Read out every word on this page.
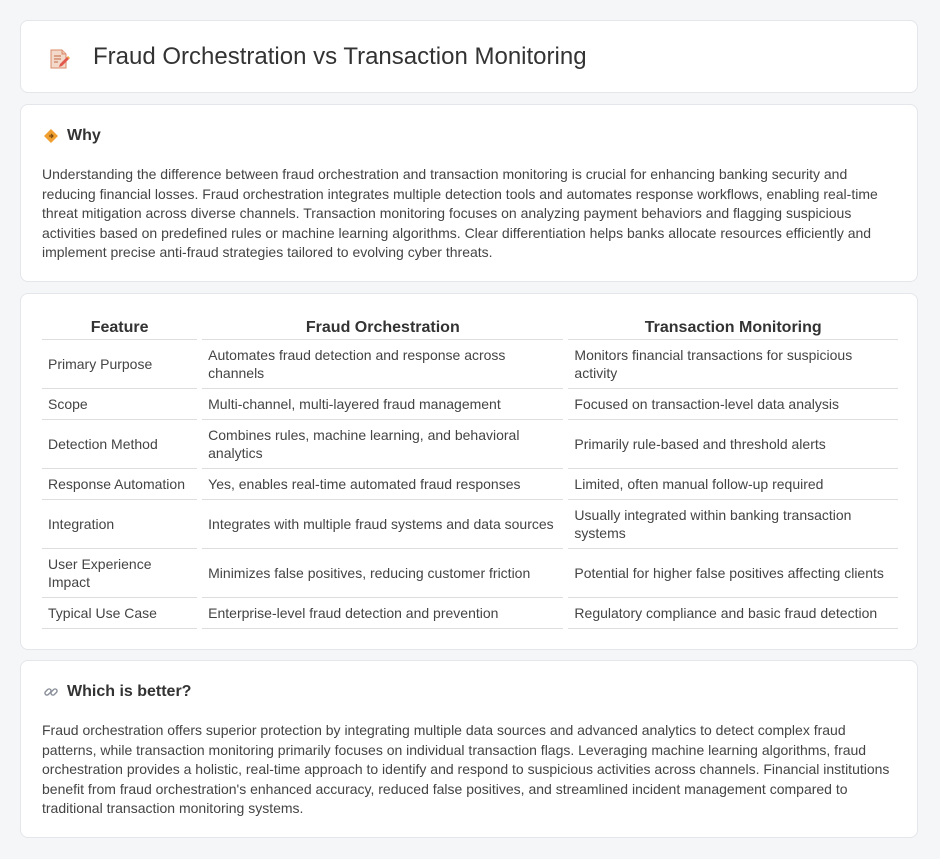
Fraud Orchestration vs Transaction Monitoring
Why

Understanding the difference between fraud orchestration and transaction monitoring is crucial for enhancing banking security and reducing financial losses. Fraud orchestration integrates multiple detection tools and automates response workflows, enabling real-time threat mitigation across diverse channels. Transaction monitoring focuses on analyzing payment behaviors and flagging suspicious activities based on predefined rules or machine learning algorithms. Clear differentiation helps banks allocate resources efficiently and implement precise anti-fraud strategies tailored to evolving cyber threats.

Feature		Fraud Orchestration		Transaction Monitoring
Primary Purpose		Automates fraud detection and response across channels		Monitors financial transactions for suspicious activity
Scope		Multi-channel, multi-layered fraud management		Focused on transaction-level data analysis
Detection Method		Combines rules, machine learning, and behavioral analytics		Primarily rule-based and threshold alerts
Response Automation		Yes, enables real-time automated fraud responses		Limited, often manual follow-up required
Integration		Integrates with multiple fraud systems and data sources		Usually integrated within banking transaction systems
User Experience Impact		Minimizes false positives, reducing customer friction		Potential for higher false positives affecting clients
Typical Use Case		Enterprise-level fraud detection and prevention		Regulatory compliance and basic fraud detection
Which is better?

Fraud orchestration offers superior protection by integrating multiple data sources and advanced analytics to detect complex fraud patterns, while transaction monitoring primarily focuses on individual transaction flags. Leveraging machine learning algorithms, fraud orchestration provides a holistic, real-time approach to identify and respond to suspicious activities across channels. Financial institutions benefit from fraud orchestration's enhanced accuracy, reduced false positives, and streamlined incident management compared to traditional transaction monitoring systems.
